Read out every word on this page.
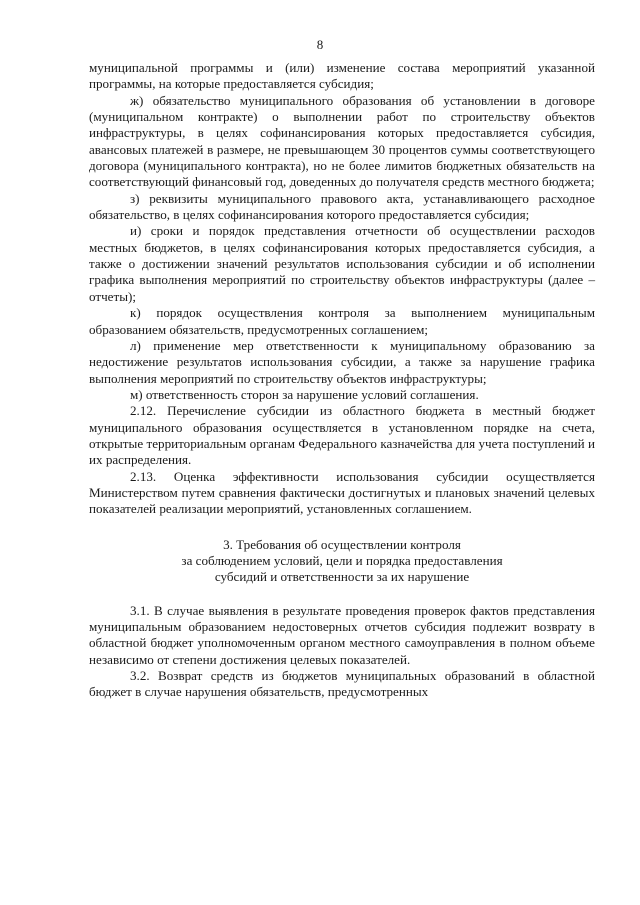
8

муниципальной программы и (или) изменение состава мероприятий указанной программы, на которые предоставляется субсидия;

ж) обязательство муниципального образования об установлении в договоре (муниципальном контракте) о выполнении работ по строительству объектов инфраструктуры, в целях софинансирования которых предоставляется субсидия, авансовых платежей в размере, не превышающем 30 процентов суммы соответствующего договора (муниципального контракта), но не более лимитов бюджетных обязательств на соответствующий финансовый год, доведенных до получателя средств местного бюджета;

з) реквизиты муниципального правового акта, устанавливающего расходное обязательство, в целях софинансирования которого предоставляется субсидия;

и) сроки и порядок представления отчетности об осуществлении расходов местных бюджетов, в целях софинансирования которых предоставляется субсидия, а также о достижении значений результатов использования субсидии и об исполнении графика выполнения мероприятий по строительству объектов инфраструктуры (далее – отчеты);

к) порядок осуществления контроля за выполнением муниципальным образованием обязательств, предусмотренных соглашением;

л) применение мер ответственности к муниципальному образованию за недостижение результатов использования субсидии, а также за нарушение графика выполнения мероприятий по строительству объектов инфраструктуры;

м) ответственность сторон за нарушение условий соглашения.

2.12. Перечисление субсидии из областного бюджета в местный бюджет муниципального образования осуществляется в установленном порядке на счета, открытые территориальным органам Федерального казначейства для учета поступлений и их распределения.

2.13. Оценка эффективности использования субсидии осуществляется Министерством путем сравнения фактически достигнутых и плановых значений целевых показателей реализации мероприятий, установленных соглашением.

3. Требования об осуществлении контроля
за соблюдением условий, цели и порядка предоставления
субсидий и ответственности за их нарушение

3.1. В случае выявления в результате проведения проверок фактов представления муниципальным образованием недостоверных отчетов субсидия подлежит возврату в областной бюджет уполномоченным органом местного самоуправления в полном объеме независимо от степени достижения целевых показателей.

3.2. Возврат средств из бюджетов муниципальных образований в областной бюджет в случае нарушения обязательств, предусмотренных
